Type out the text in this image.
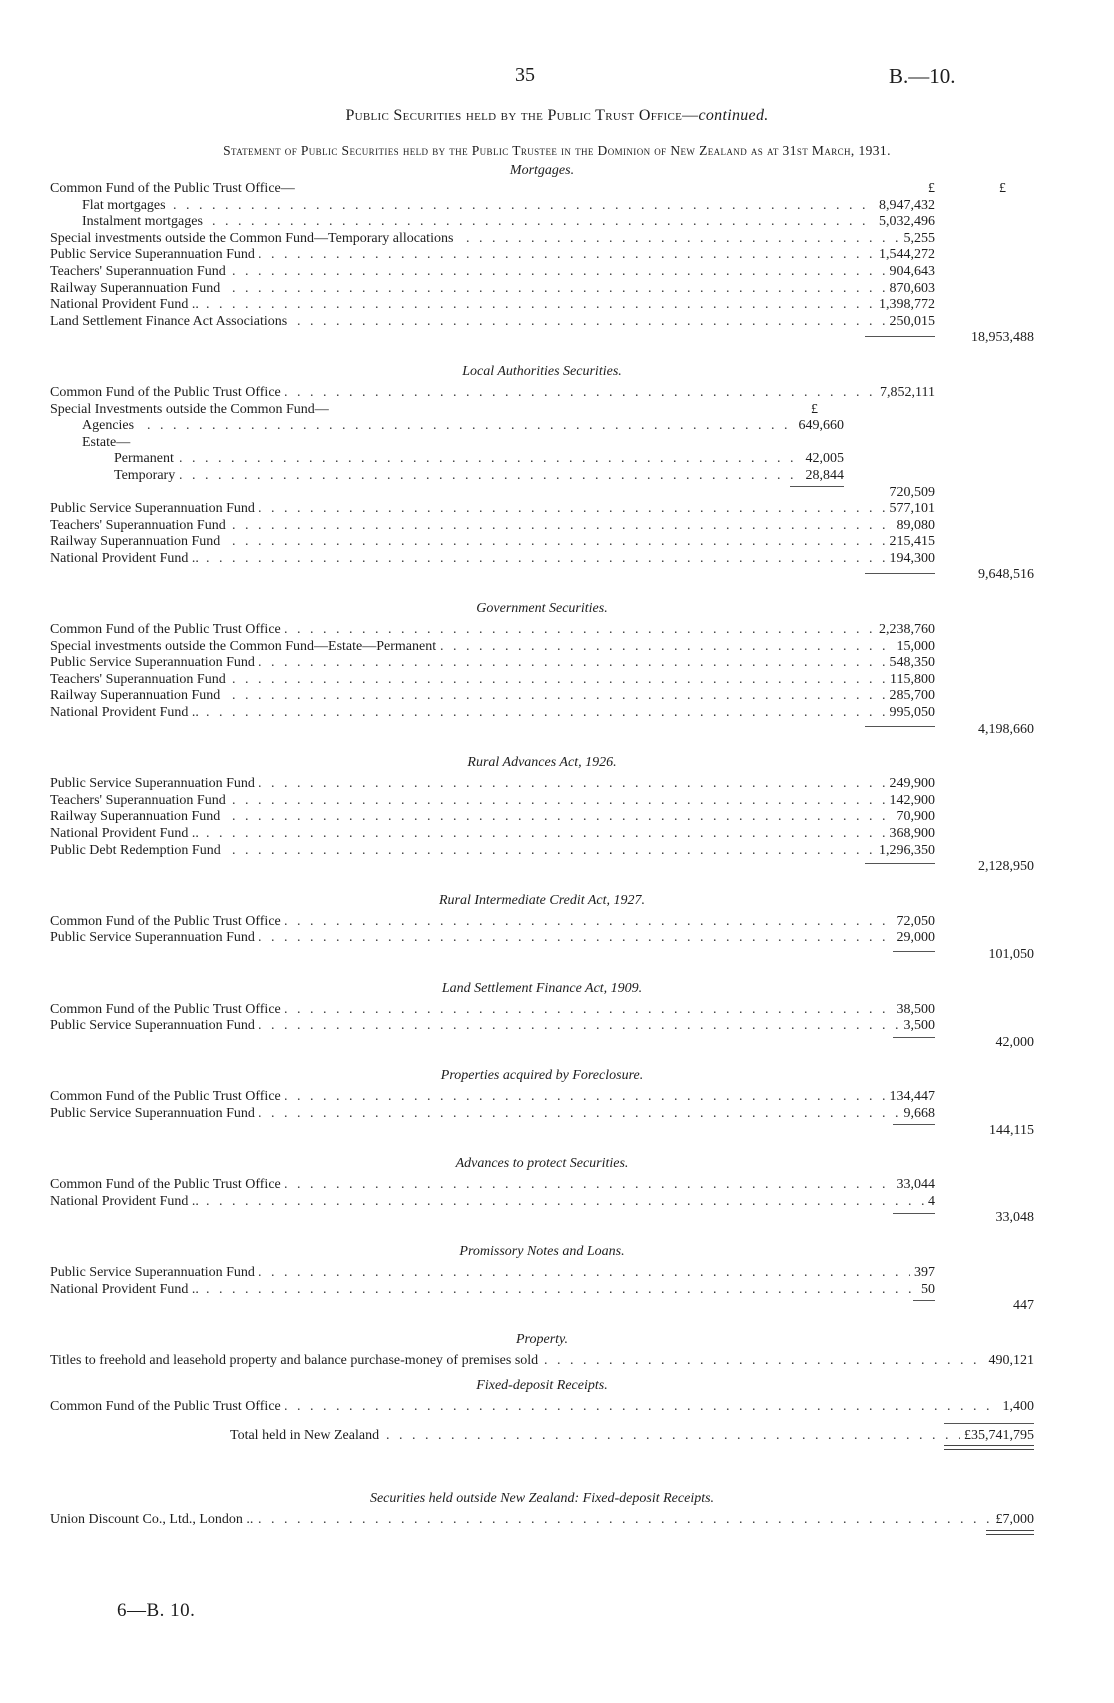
35	B.—10.
Public Securities held by the Public Trust Office—continued.
Statement of Public Securities held by the Public Trustee in the Dominion of New Zealand as at 31st March, 1931.
Mortgages.
Common Fund of the Public Trust Office—	£	£
. . .
Flat mortgages	8,947,432
. . .
Instalment mortgages	5,032,496
. . .
Special investments outside the Common Fund—Temporary allocations	5,255
. . .
Public Service Superannuation Fund	1,544,272
. . .
Teachers' Superannuation Fund	904,643
. . .
Railway Superannuation Fund	870,603
. . .
National Provident Fund ..	1,398,772
. . .
Land Settlement Finance Act Associations	250,015
18,953,488
Local Authorities Securities.
. . .
Common Fund of the Public Trust Office	7,852,111
Special Investments outside the Common Fund—	£
. . .
Agencies	649,660
Estate—
. . .
Permanent	42,005
. . .
Temporary	28,844
720,509
. . .
Public Service Superannuation Fund	577,101
. . .
Teachers' Superannuation Fund	89,080
. . .
Railway Superannuation Fund	215,415
. . .
National Provident Fund ..	194,300
9,648,516
Government Securities.
. . .
Common Fund of the Public Trust Office	2,238,760
. . .
Special investments outside the Common Fund—Estate—Permanent	15,000
. . .
Public Service Superannuation Fund	548,350
. . .
Teachers' Superannuation Fund	115,800
. . .
Railway Superannuation Fund	285,700
. . .
National Provident Fund ..	995,050
4,198,660
Rural Advances Act, 1926.
. . .
Public Service Superannuation Fund	249,900
. . .
Teachers' Superannuation Fund	142,900
. . .
Railway Superannuation Fund	70,900
. . .
National Provident Fund ..	368,900
. . .
Public Debt Redemption Fund	1,296,350
2,128,950
Rural Intermediate Credit Act, 1927.
. . .
Common Fund of the Public Trust Office	72,050
. . .
Public Service Superannuation Fund	29,000
101,050
Land Settlement Finance Act, 1909.
. . .
Common Fund of the Public Trust Office	38,500
. . .
Public Service Superannuation Fund	3,500
42,000
Properties acquired by Foreclosure.
. . .
Common Fund of the Public Trust Office	134,447
. . .
Public Service Superannuation Fund	9,668
144,115
Advances to protect Securities.
. . .
Common Fund of the Public Trust Office	33,044
. . .
National Provident Fund ..	4
33,048
Promissory Notes and Loans.
. . .
Public Service Superannuation Fund	397
. . .
National Provident Fund ..	50
447
Property.
. . .
Titles to freehold and leasehold property and balance purchase-money of premises sold	490,121
Fixed-deposit Receipts.
. . .
Common Fund of the Public Trust Office	1,400
. . .
Total held in New Zealand	£35,741,795
Securities held outside New Zealand: Fixed-deposit Receipts.
. . .
Union Discount Co., Ltd., London ..	£7,000
6—B. 10.
